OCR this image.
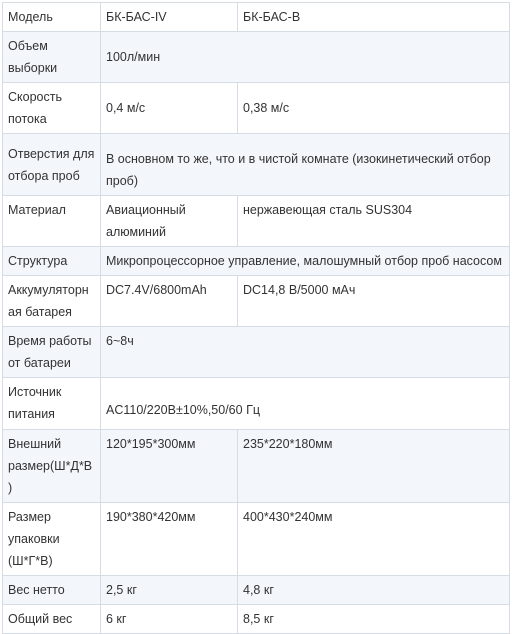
Модель	БК-БАС-IV	БК-БАС-B
Объем выборки	100л/мин	
Скорость потока	0,4 м/с	0,38 м/с
Отверстия для отбора проб	В основном то же, что и в чистой комнате (изокинетический отбор проб)	
Материал	Авиационный алюминий	нержавеющая сталь SUS304
Структура	Микропроцессорное управление, малошумный отбор проб насосом	
Аккумуляторная батарея	DC7.4V/6800mAh	DC14,8 В/5000 мАч
Время работы от батареи	6~8ч	
Источник питания	AC110/220B±10%,50/60 Гц	
Внешний размер(Ш*Д*В)	120*195*300мм	235*220*180мм
Размер упаковки (Ш*Г*В)	190*380*420мм	400*430*240мм
Вес нетто	2,5 кг	4,8 кг
Общий вес	6 кг	8,5 кг
